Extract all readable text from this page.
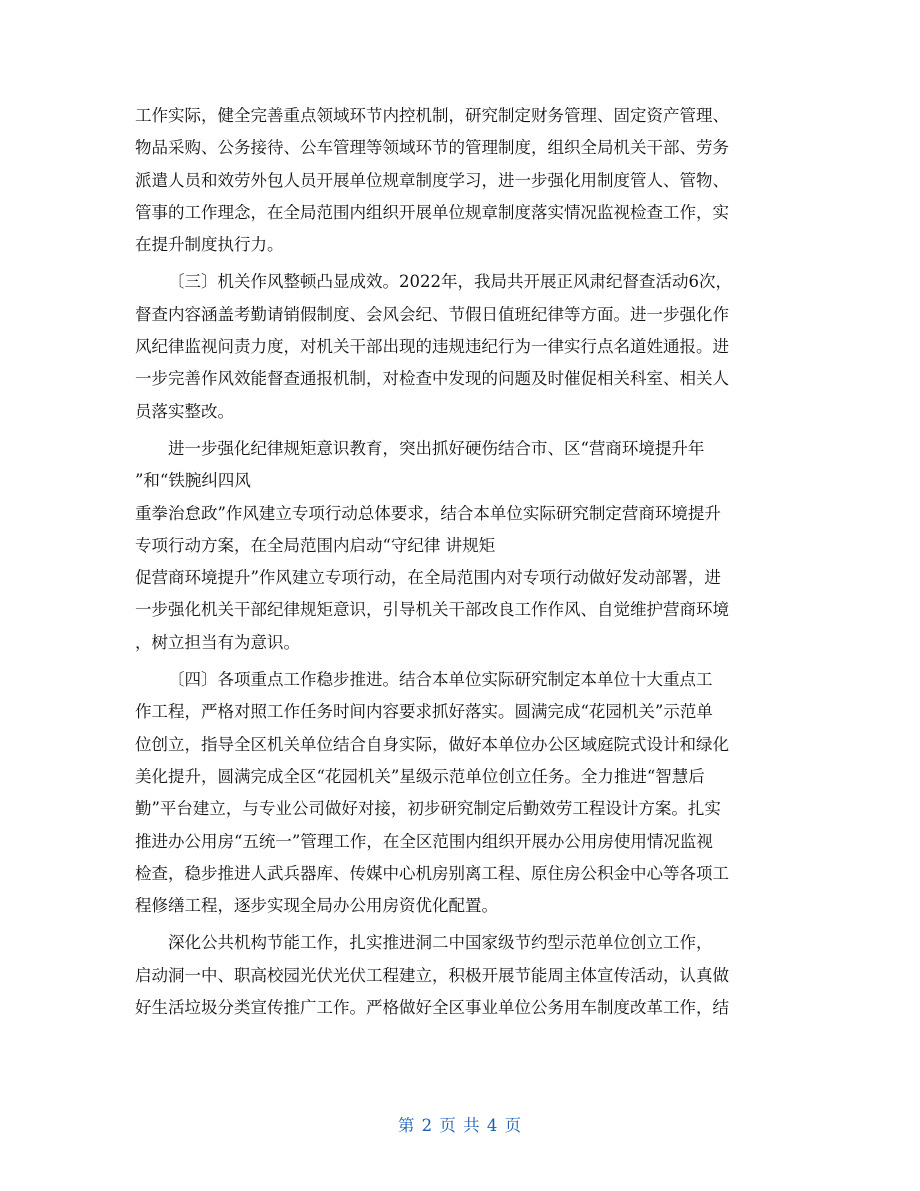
工作实际，健全完善重点领域环节内控机制，研究制定财务管理、固定资产管理、
物品采购、公务接待、公车管理等领域环节的管理制度，组织全局机关干部、劳务
派遣人员和效劳外包人员开展单位规章制度学习，进一步强化用制度管人、管物、
管事的工作理念，在全局范围内组织开展单位规章制度落实情况监视检查工作，实
在提升制度执行力。

〔三〕机关作风整顿凸显成效。2022年，我局共开展正风肃纪督查活动6次，
督查内容涵盖考勤请销假制度、会风会纪、节假日值班纪律等方面。进一步强化作
风纪律监视问责力度，对机关干部出现的违规违纪行为一律实行点名道姓通报。进
一步完善作风效能督查通报机制，对检查中发现的问题及时催促相关科室、相关人
员落实整改。

进一步强化纪律规矩意识教育，突出抓好硬伤结合市、区“营商环境提升年
”和“铁腕纠四风
重拳治怠政”作风建立专项行动总体要求，结合本单位实际研究制定营商环境提升
专项行动方案，在全局范围内启动“守纪律 讲规矩
促营商环境提升”作风建立专项行动，在全局范围内对专项行动做好发动部署，进
一步强化机关干部纪律规矩意识，引导机关干部改良工作作风、自觉维护营商环境
，树立担当有为意识。

〔四〕各项重点工作稳步推进。结合本单位实际研究制定本单位十大重点工
作工程，严格对照工作任务时间内容要求抓好落实。圆满完成“花园机关”示范单
位创立，指导全区机关单位结合自身实际，做好本单位办公区域庭院式设计和绿化
美化提升，圆满完成全区“花园机关”星级示范单位创立任务。全力推进“智慧后
勤”平台建立，与专业公司做好对接，初步研究制定后勤效劳工程设计方案。扎实
推进办公用房“五统一”管理工作，在全区范围内组织开展办公用房使用情况监视
检查，稳步推进人武兵器库、传媒中心机房别离工程、原住房公积金中心等各项工
程修缮工程，逐步实现全局办公用房资优化配置。

深化公共机构节能工作，扎实推进洞二中国家级节约型示范单位创立工作，
启动洞一中、职高校园光伏光伏工程建立，积极开展节能周主体宣传活动，认真做
好生活垃圾分类宣传推广工作。严格做好全区事业单位公务用车制度改革工作，结

第 2 页 共 4 页
